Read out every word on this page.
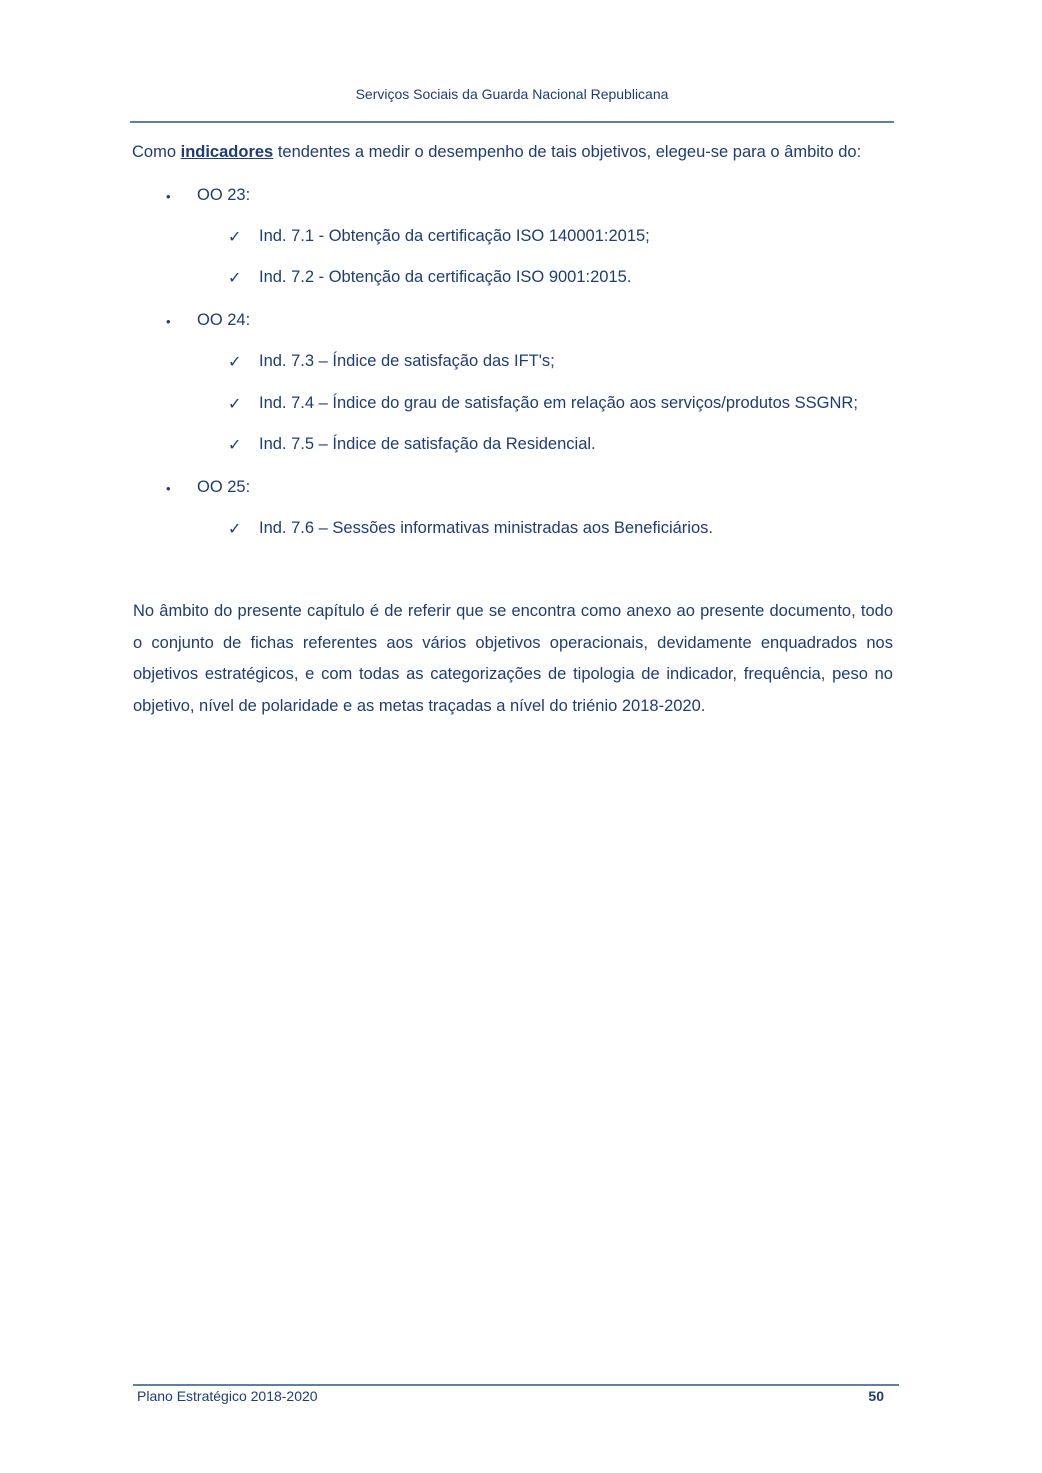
Serviços Sociais da Guarda Nacional Republicana
Como indicadores tendentes a medir o desempenho de tais objetivos, elegeu-se para o âmbito do:
• OO 23:
✓ Ind. 7.1 - Obtenção da certificação ISO 140001:2015;
✓ Ind. 7.2 - Obtenção da certificação ISO 9001:2015.
• OO 24:
✓ Ind. 7.3 – Índice de satisfação das IFT's;
✓ Ind. 7.4 – Índice do grau de satisfação em relação aos serviços/produtos SSGNR;
✓ Ind. 7.5 – Índice de satisfação da Residencial.
• OO 25:
✓ Ind. 7.6 – Sessões informativas ministradas aos Beneficiários.
No âmbito do presente capítulo é de referir que se encontra como anexo ao presente documento, todo o conjunto de fichas referentes aos vários objetivos operacionais, devidamente enquadrados nos objetivos estratégicos, e com todas as categorizações de tipologia de indicador, frequência, peso no objetivo, nível de polaridade e as metas traçadas a nível do triénio 2018-2020.
Plano Estratégico 2018-2020	50
